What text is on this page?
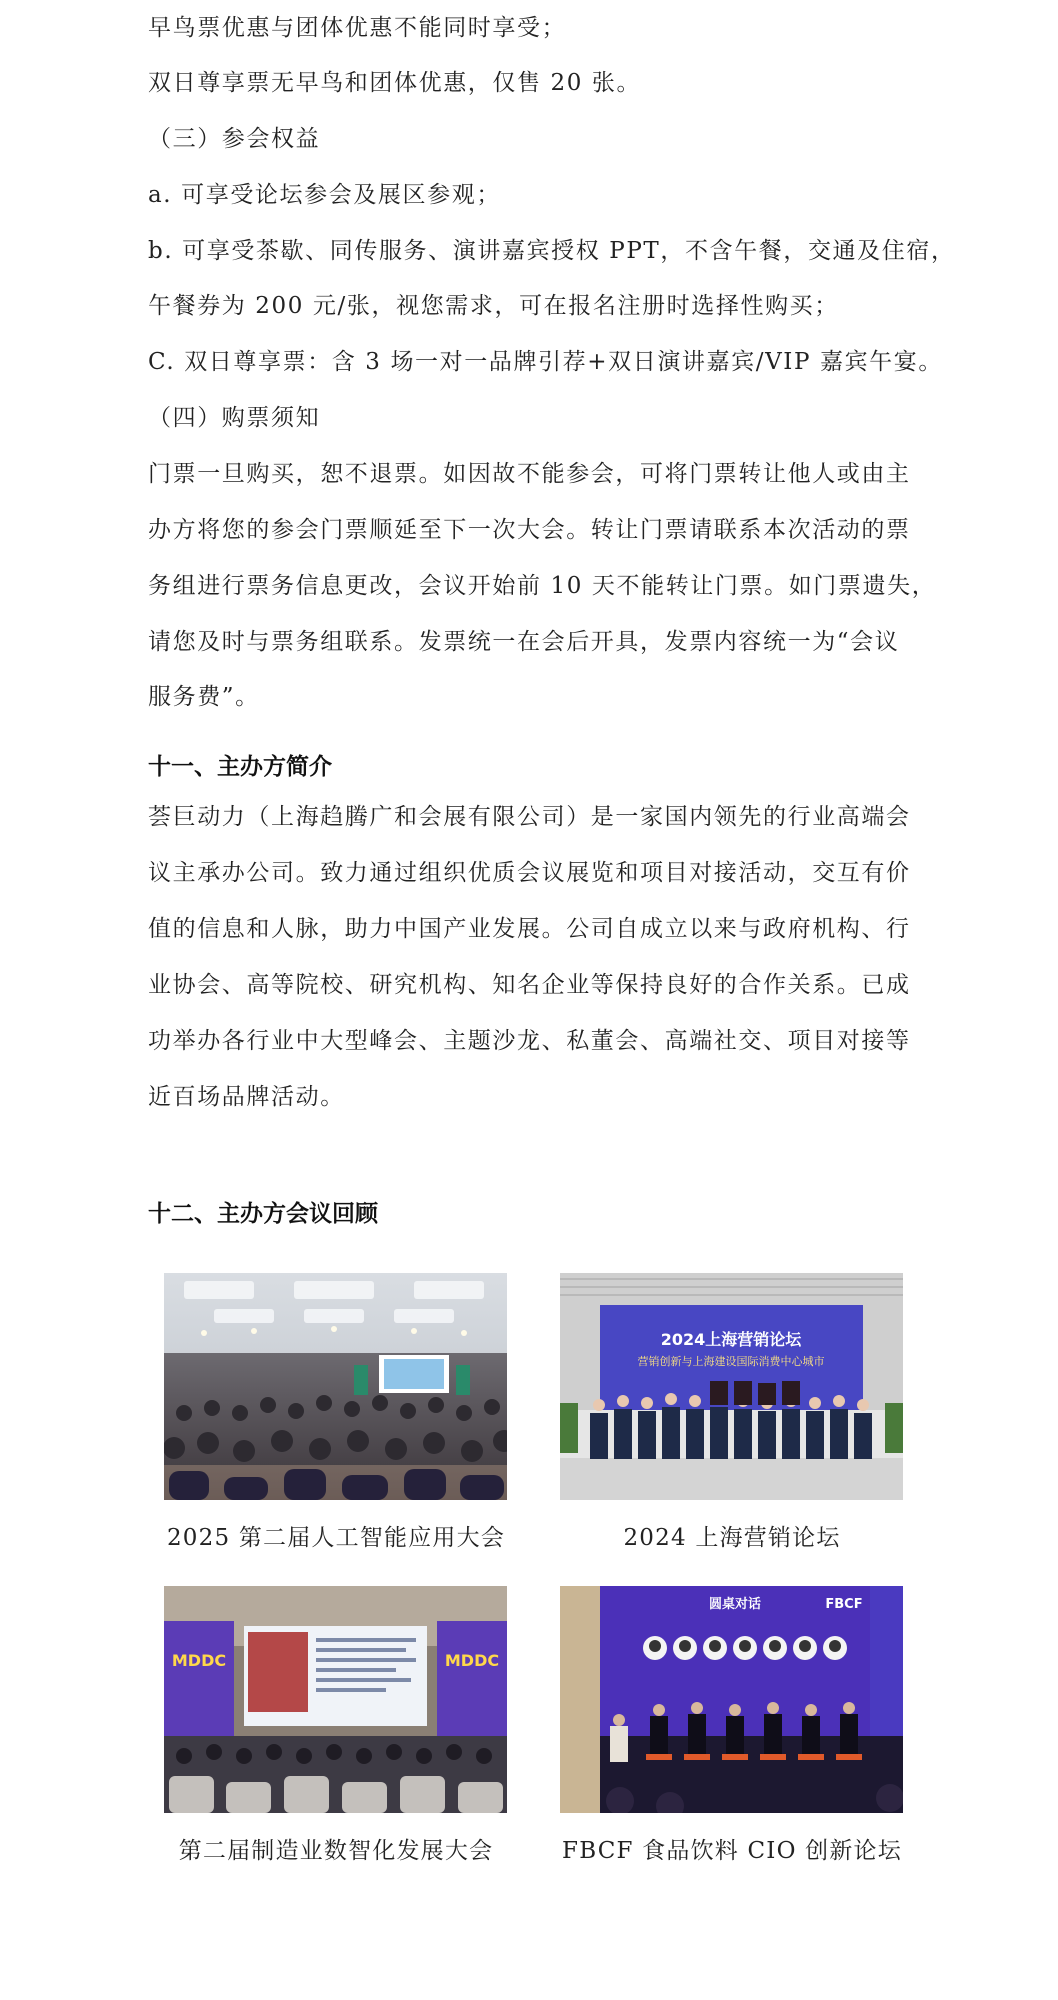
早鸟票优惠与团体优惠不能同时享受；
双日尊享票无早鸟和团体优惠，仅售 20 张。
（三）参会权益
a. 可享受论坛参会及展区参观；
b. 可享受茶歇、同传服务、演讲嘉宾授权 PPT，不含午餐，交通及住宿，
午餐券为 200 元/张，视您需求，可在报名注册时选择性购买；
C. 双日尊享票：含 3 场一对一品牌引荐+双日演讲嘉宾/VIP 嘉宾午宴。
（四）购票须知
门票一旦购买，恕不退票。如因故不能参会，可将门票转让他人或由主
办方将您的参会门票顺延至下一次大会。转让门票请联系本次活动的票
务组进行票务信息更改，会议开始前 10 天不能转让门票。如门票遗失，
请您及时与票务组联系。发票统一在会后开具，发票内容统一为“会议
服务费”。
十一、主办方简介
荟巨动力（上海趋腾广和会展有限公司）是一家国内领先的行业高端会
议主承办公司。致力通过组织优质会议展览和项目对接活动，交互有价
值的信息和人脉，助力中国产业发展。公司自成立以来与政府机构、行
业协会、高等院校、研究机构、知名企业等保持良好的合作关系。已成
功举办各行业中大型峰会、主题沙龙、私董会、高端社交、项目对接等
近百场品牌活动。
十二、主办方会议回顾
2024上海营销论坛
营销创新与上海建设国际消费中心城市
2025 第二届人工智能应用大会	2024 上海营销论坛
MDDC	MDDC
圆桌对话	FBCF
第二届制造业数智化发展大会	FBCF 食品饮料 CIO 创新论坛
